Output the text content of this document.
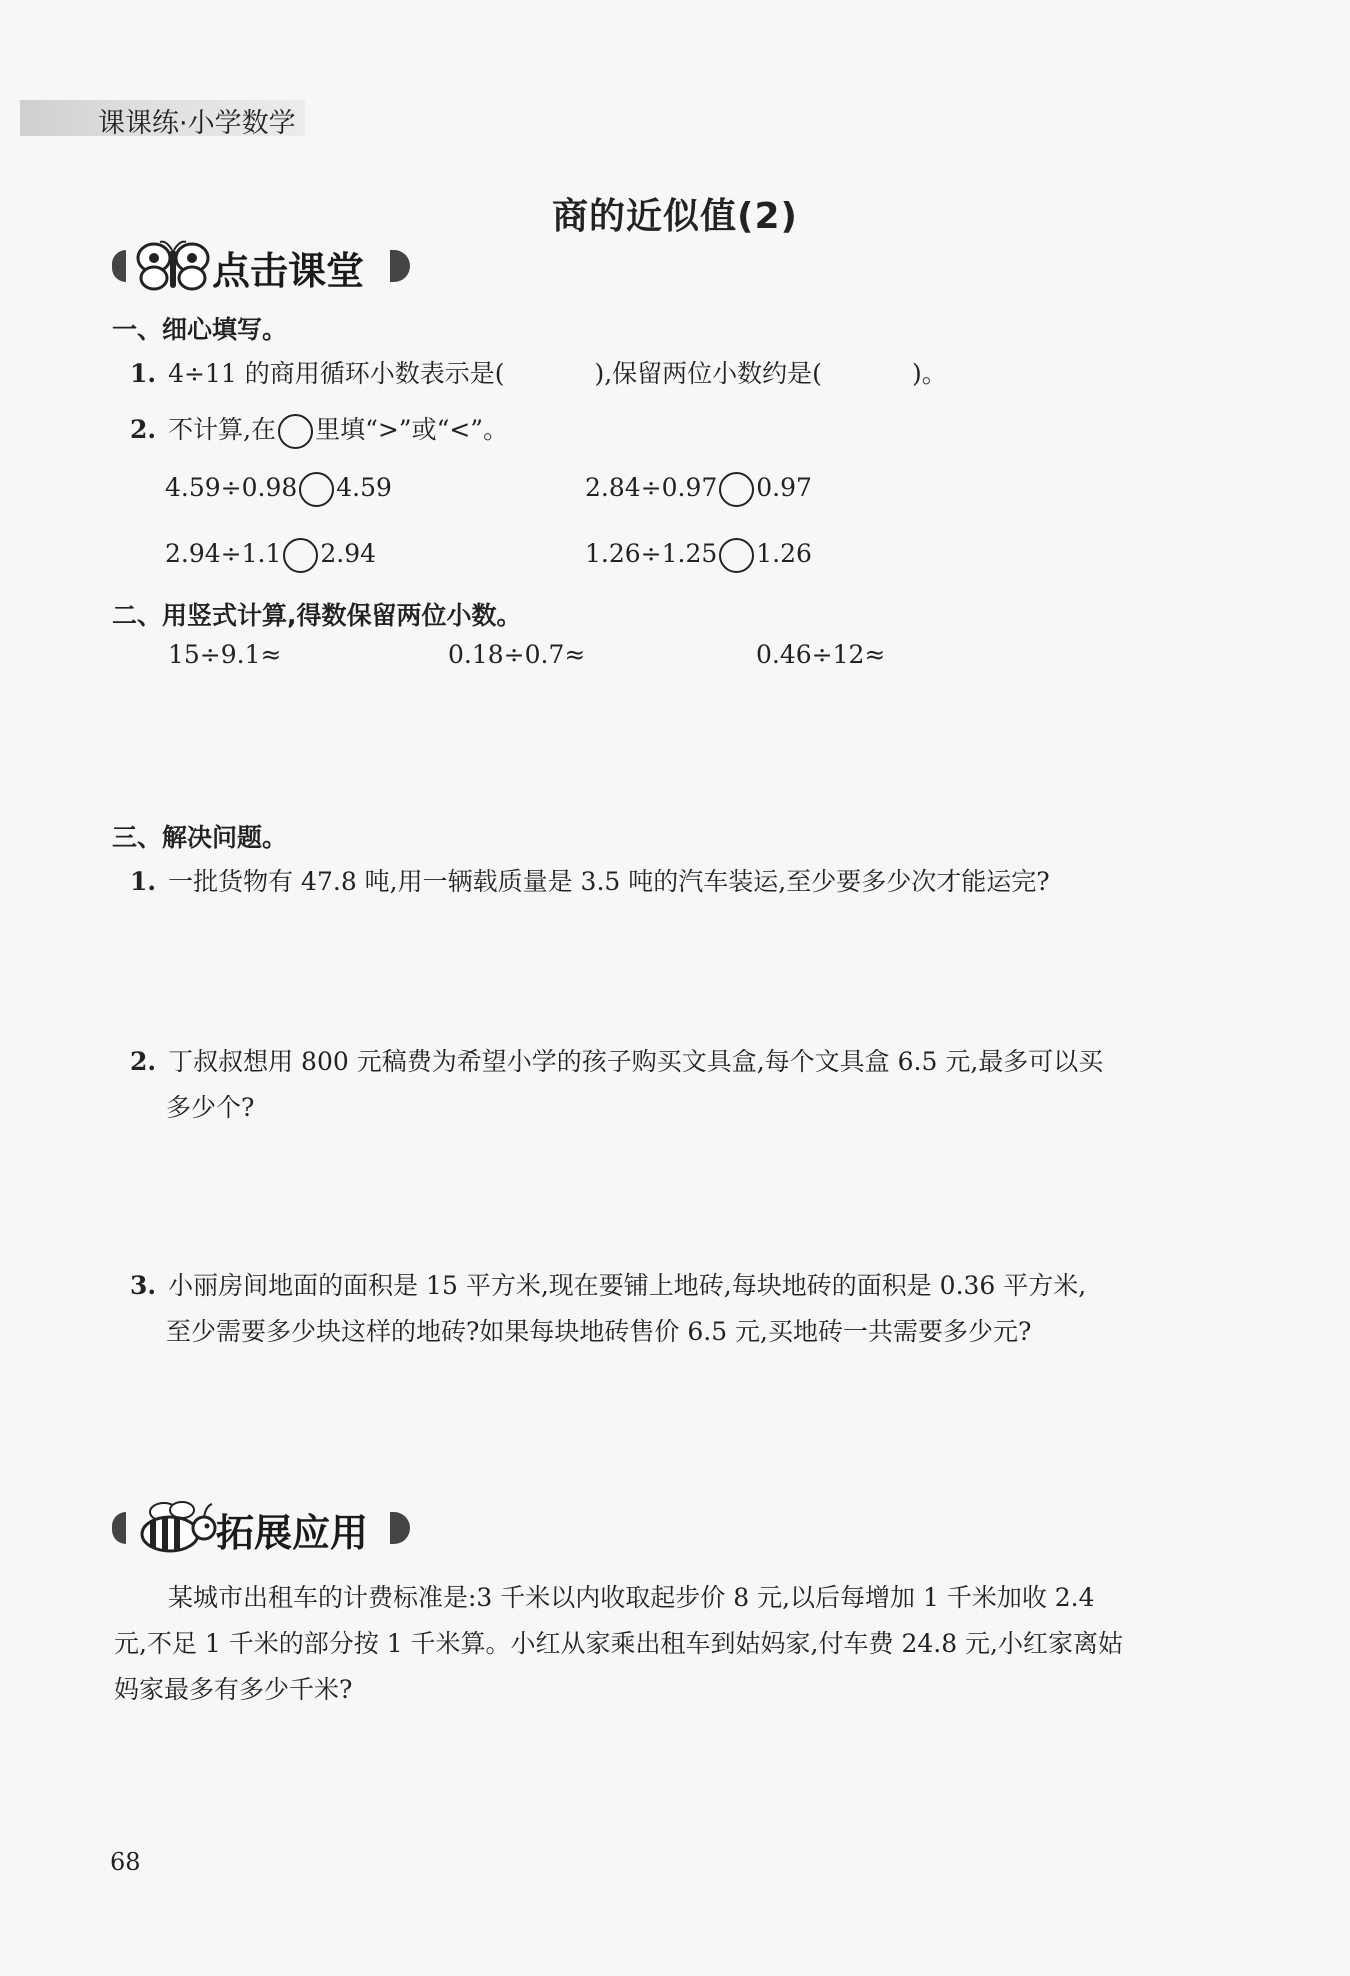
课课练·小学数学
商的近似值(2)
点击课堂
一、细心填写。
1. 4÷11 的商用循环小数表示是(	),保留两位小数约是(	)。
2. 不计算,在 里填“>”或“<”。
4.59÷0.98 4.59	2.84÷0.97 0.97
2.94÷1.1 2.94	1.26÷1.25 1.26
二、用竖式计算,得数保留两位小数。
15÷9.1≈	0.18÷0.7≈	0.46÷12≈
三、解决问题。
1. 一批货物有 47.8 吨,用一辆载质量是 3.5 吨的汽车装运,至少要多少次才能运完?
2. 丁叔叔想用 800 元稿费为希望小学的孩子购买文具盒,每个文具盒 6.5 元,最多可以买
多少个?
3. 小丽房间地面的面积是 15 平方米,现在要铺上地砖,每块地砖的面积是 0.36 平方米,
至少需要多少块这样的地砖?如果每块地砖售价 6.5 元,买地砖一共需要多少元?
拓展应用
某城市出租车的计费标准是:3 千米以内收取起步价 8 元,以后每增加 1 千米加收 2.4
元,不足 1 千米的部分按 1 千米算。小红从家乘出租车到姑妈家,付车费 24.8 元,小红家离姑
妈家最多有多少千米?
68
